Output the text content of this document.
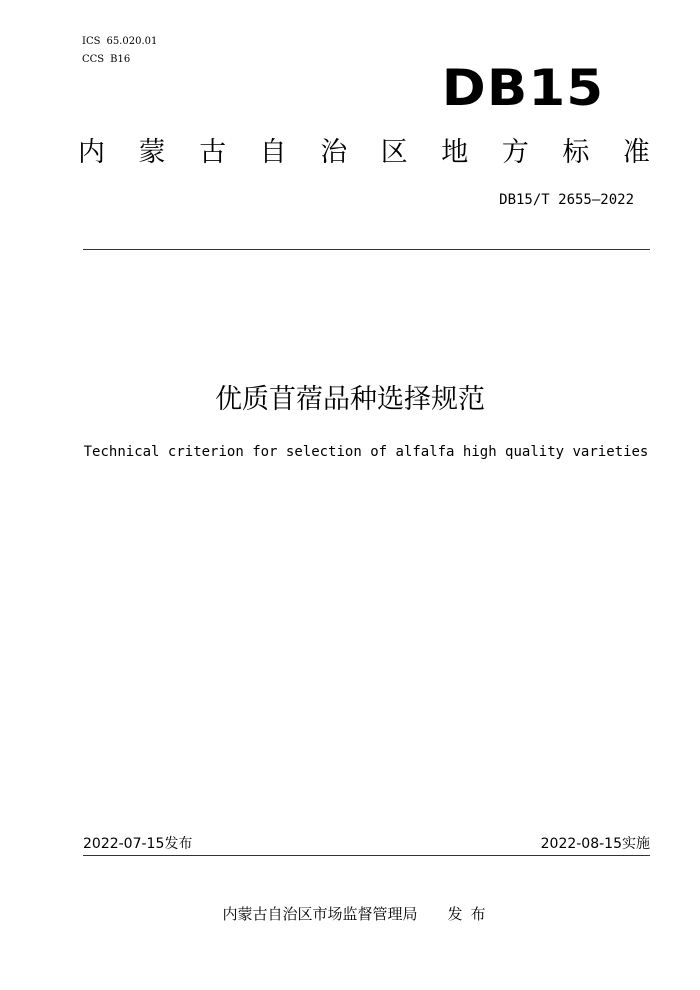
ICS 65.020.01
CCS B16	DB15
内 蒙 古 自 治 区 地 方 标 准
DB15/T 2655—2022
优质苜蓿品种选择规范
Technical criterion for selection of alfalfa high quality varieties
2022-07-15发布	2022-08-15实施
内蒙古自治区市场监督管理局 发布
